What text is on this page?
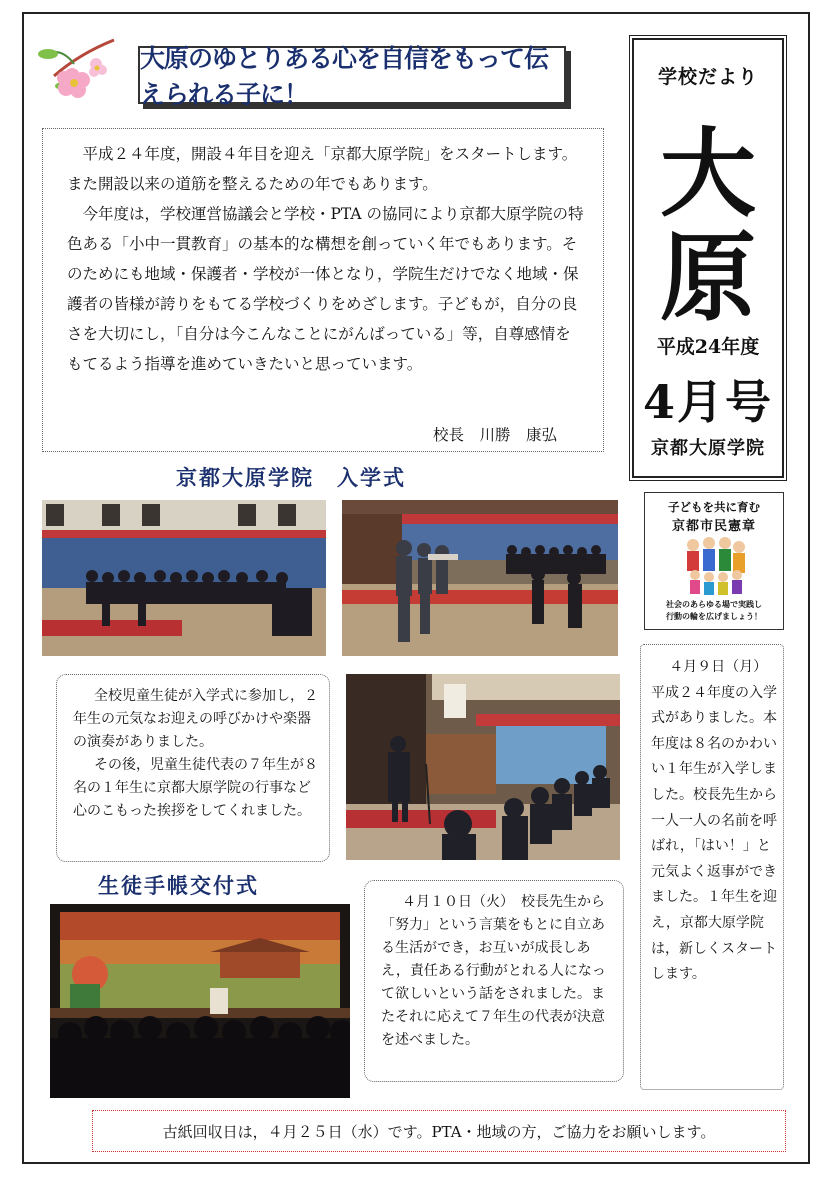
大原のゆとりある心を自信をもって伝えられる子に！
学校だより
大
原
平成24年度
4月号
京都大原学院

平成２４年度，開設４年目を迎え「京都大原学院」をスタートします。また開設以来の道筋を整えるための年でもあります。

今年度は，学校運営協議会と学校・PTA の協同により京都大原学院の特色ある「小中一貫教育」の基本的な構想を創っていく年でもあります。そのためにも地域・保護者・学校が一体となり，学院生だけでなく地域・保護者の皆様が誇りをもてる学校づくりをめざします。子どもが，自分の良さを大切にし，「自分は今こんなことにがんばっている」等，自尊感情をもてるよう指導を進めていきたいと思っています。

校長　川勝　康弘
京都大原学院　入学式

全校児童生徒が入学式に参加し，２年生の元気なお迎えの呼びかけや楽器の演奏がありました。

その後，児童生徒代表の７年生が８名の１年生に京都大原学院の行事など心のこもった挨拶をしてくれました。

生徒手帳交付式

４月１０日（火）　校長先生から「努力」という言葉をもとに自立ある生活ができ，お互いが成長しあえ，責任ある行動がとれる人になって欲しいという話をされました。またそれに応えて７年生の代表が決意を述べました。

子どもを共に育む
京都市民憲章
社会のあらゆる場で実践し
行動の輪を広げましょう！

４月９日（月）平成２４年度の入学式がありました。本年度は８名のかわいい１年生が入学しました。校長先生から一人一人の名前を呼ばれ，「はい！」と元気よく返事ができました。１年生を迎え，京都大原学院は，新しくスタートします。

古紙回収日は，４月２５日（水）です。PTA・地域の方，ご協力をお願いします。
